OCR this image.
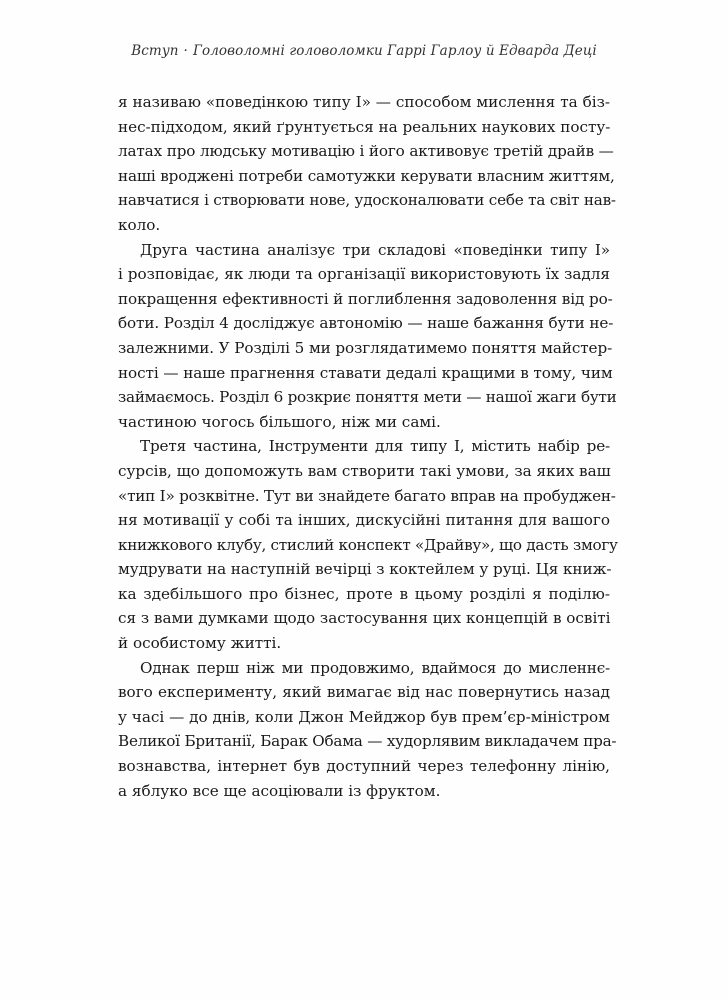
Вступ · Головоломні головоломки Гаррі Гарлоу й Едварда Деці

я називаю «поведінкою типу І» — способом мислення та біз-
нес-підходом, який ґрунтується на реальних наукових посту-
латах про людську мотивацію і його активовує третій драйв —
наші вроджені потреби самотужки керувати власним життям,
навчатися і створювати нове, удосконалювати себе та світ нав-
коло.

Друга частина аналізує три складові «поведінки типу І»
і розповідає, як люди та організації використовують їх задля
покращення ефективності й поглиблення задоволення від ро-
боти. Розділ 4 досліджує автономію — наше бажання бути не-
залежними. У Розділі 5 ми розглядатимемо поняття майстер-
ності — наше прагнення ставати дедалі кращими в тому, чим
займаємось. Розділ 6 розкриє поняття мети — нашої жаги бути
частиною чогось більшого, ніж ми самі.

Третя частина, Інструменти для типу І, містить набір ре-
сурсів, що допоможуть вам створити такі умови, за яких ваш
«тип І» розквітне. Тут ви знайдете багато вправ на пробуджен-
ня мотивації у собі та інших, дискусійні питання для вашого
книжкового клубу, стислий конспект «Драйву», що дасть змогу
мудрувати на наступній вечірці з коктейлем у руці. Ця книж-
ка здебільшого про бізнес, проте в цьому розділі я поділю-
ся з вами думками щодо застосування цих концепцій в освіті
й особистому житті.

Однак перш ніж ми продовжимо, вдаймося до мисленнє-
вого експерименту, який вимагає від нас повернутись назад
у часі — до днів, коли Джон Мейджор був прем’єр-міністром
Великої Британії, Барак Обама — худорлявим викладачем пра-
вознавства, інтернет був доступний через телефонну лінію,
а яблуко все ще асоціювали із фруктом.
